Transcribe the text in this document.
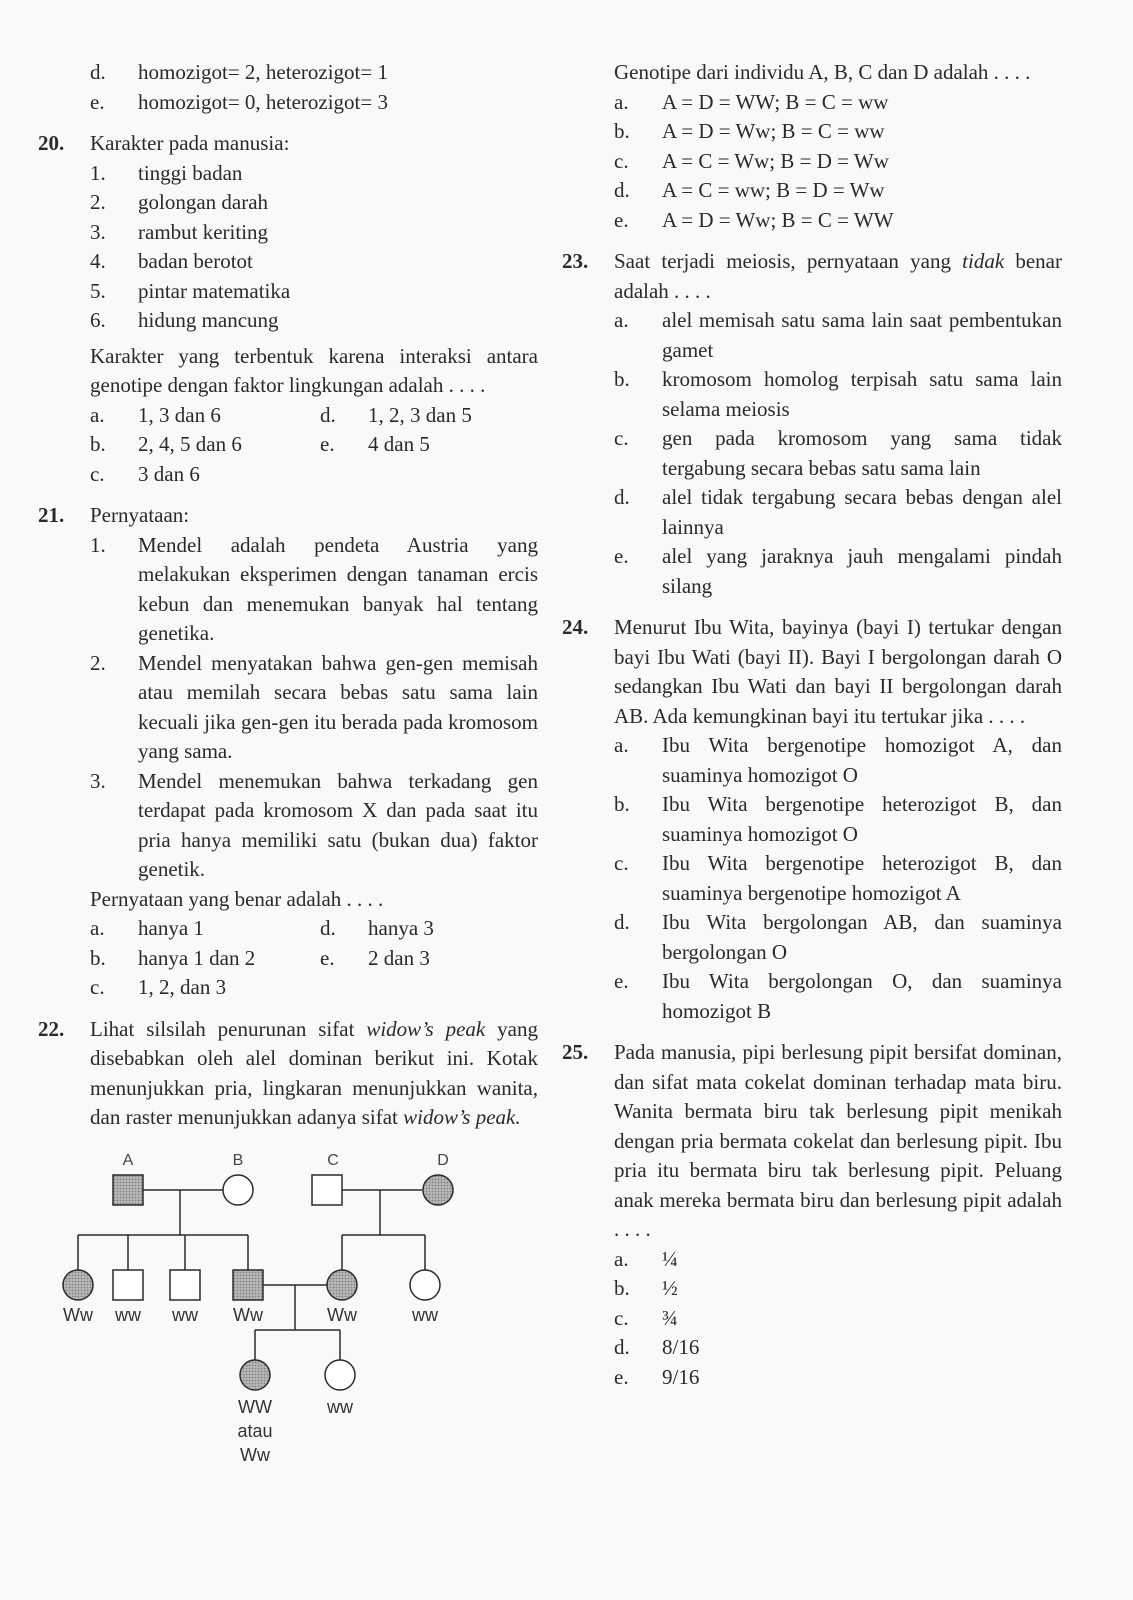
d.	homozigot= 2, heterozigot= 1
e.	homozigot= 0, heterozigot= 3
20.	Karakter pada manusia:
1.	tinggi badan
2.	golongan darah
3.	rambut keriting
4.	badan berotot
5.	pintar matematika
6.	hidung mancung
Karakter yang terbentuk karena interaksi antara genotipe dengan faktor lingkungan adalah . . . .
a.	1, 3 dan 6	d.	1, 2, 3 dan 5
b.	2, 4, 5 dan 6	e.	4 dan 5
c.	3 dan 6
21.	Pernyataan:
1.	Mendel adalah pendeta Austria yang melakukan eksperimen dengan tanaman ercis kebun dan menemukan banyak hal tentang genetika.
2.	Mendel menyatakan bahwa gen-gen memisah atau memilah secara bebas satu sama lain kecuali jika gen-gen itu berada pada kromosom yang sama.
3.	Mendel menemukan bahwa terkadang gen terdapat pada kromosom X dan pada saat itu pria hanya memiliki satu (bukan dua) faktor genetik.
Pernyataan yang benar adalah . . . .
a.	hanya 1	d.	hanya 3
b.	hanya 1 dan 2	e.	2 dan 3
c.	1, 2, dan 3
22.	Lihat silsilah penurunan sifat widow’s peak yang disebabkan oleh alel dominan berikut ini. Kotak menunjukkan pria, lingkaran menunjukkan wanita, dan raster menunjukkan adanya sifat widow’s peak.
A	B	C	D
Ww ww ww Ww	Ww	ww
WW
atau
Ww
ww
Genotipe dari individu A, B, C dan D adalah . . . .
a.	A = D = WW; B = C = ww
b.	A = D = Ww; B = C = ww
c.	A = C = Ww; B = D = Ww
d.	A = C = ww; B = D = Ww
e.	A = D = Ww; B = C = WW
23.	Saat terjadi meiosis, pernyataan yang tidak benar adalah . . . .
a.	alel memisah satu sama lain saat pembentukan gamet
b.	kromosom homolog terpisah satu sama lain selama meiosis
c.	gen pada kromosom yang sama tidak tergabung secara bebas satu sama lain
d.	alel tidak tergabung secara bebas dengan alel lainnya
e.	alel yang jaraknya jauh mengalami pindah silang
24.	Menurut Ibu Wita, bayinya (bayi I) tertukar dengan bayi Ibu Wati (bayi II). Bayi I bergolongan darah O sedangkan Ibu Wati dan bayi II bergolongan darah AB. Ada kemungkinan bayi itu tertukar jika . . . .
a.	Ibu Wita bergenotipe homozigot A, dan suaminya homozigot O
b.	Ibu Wita bergenotipe heterozigot B, dan suaminya homozigot O
c.	Ibu Wita bergenotipe heterozigot B, dan suaminya bergenotipe homozigot A
d.	Ibu Wita bergolongan AB, dan suaminya bergolongan O
e.	Ibu Wita bergolongan O, dan suaminya homozigot B
25.	Pada manusia, pipi berlesung pipit bersifat dominan, dan sifat mata cokelat dominan terhadap mata biru. Wanita bermata biru tak berlesung pipit menikah dengan pria bermata cokelat dan berlesung pipit. Ibu pria itu bermata biru tak berlesung pipit. Peluang anak mereka bermata biru dan berlesung pipit adalah . . . .
a.	¼
b.	½
c.	¾
d.	8/16
e.	9/16
